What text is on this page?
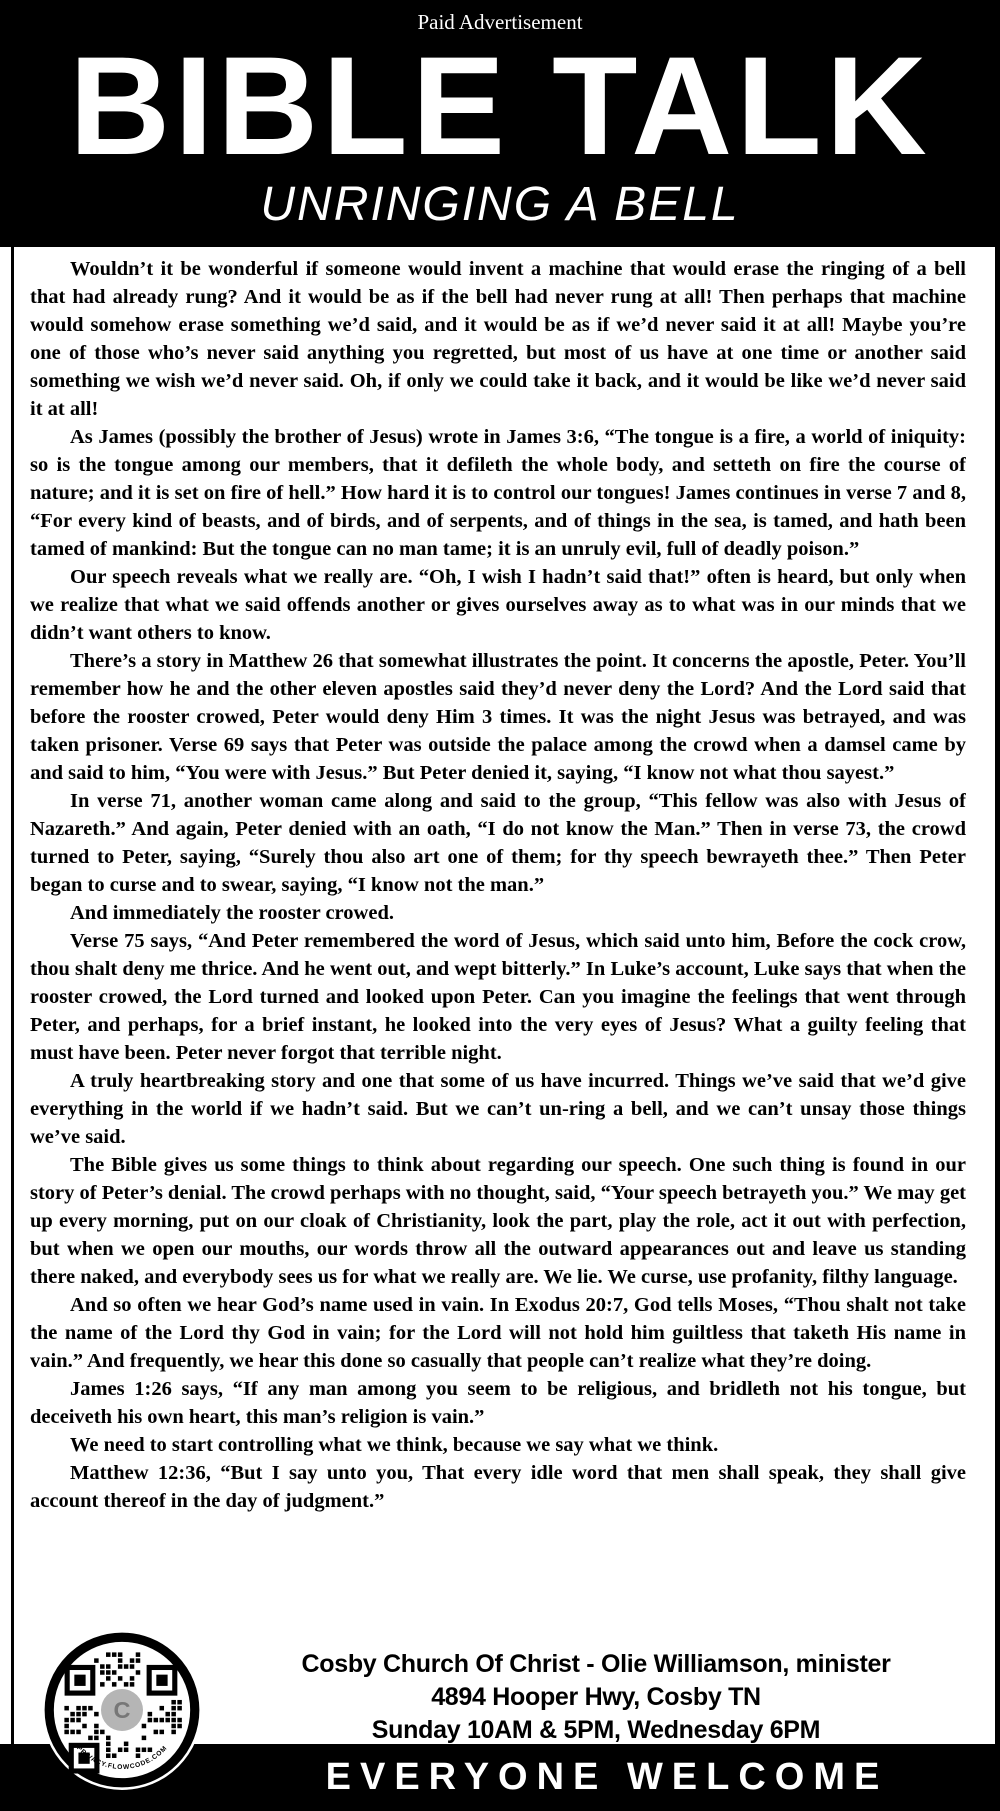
Paid Advertisement
BIBLE TALK
UNRINGING A BELL

Wouldn’t it be wonderful if someone would invent a machine that would erase the ringing of a bell that had already rung? And it would be as if the bell had never rung at all! Then perhaps that machine would somehow erase something we’d said, and it would be as if we’d never said it at all! Maybe you’re one of those who’s never said anything you regretted, but most of us have at one time or another said something we wish we’d never said. Oh, if only we could take it back, and it would be like we’d never said it at all!

As James (possibly the brother of Jesus) wrote in James 3:6, “The tongue is a fire, a world of iniquity: so is the tongue among our members, that it defileth the whole body, and setteth on fire the course of nature; and it is set on fire of hell.” How hard it is to control our tongues! James continues in verse 7 and 8, “For every kind of beasts, and of birds, and of serpents, and of things in the sea, is tamed, and hath been tamed of mankind: But the tongue can no man tame; it is an unruly evil, full of deadly poison.”

Our speech reveals what we really are. “Oh, I wish I hadn’t said that!” often is heard, but only when we realize that what we said offends another or gives ourselves away as to what was in our minds that we didn’t want others to know.

There’s a story in Matthew 26 that somewhat illustrates the point. It concerns the apostle, Peter. You’ll remember how he and the other eleven apostles said they’d never deny the Lord? And the Lord said that before the rooster crowed, Peter would deny Him 3 times. It was the night Jesus was betrayed, and was taken prisoner. Verse 69 says that Peter was outside the palace among the crowd when a damsel came by and said to him, “You were with Jesus.” But Peter denied it, saying, “I know not what thou sayest.”

In verse 71, another woman came along and said to the group, “This fellow was also with Jesus of Nazareth.” And again, Peter denied with an oath, “I do not know the Man.” Then in verse 73, the crowd turned to Peter, saying, “Surely thou also art one of them; for thy speech bewrayeth thee.” Then Peter began to curse and to swear, saying, “I know not the man.”

And immediately the rooster crowed.

Verse 75 says, “And Peter remembered the word of Jesus, which said unto him, Before the cock crow, thou shalt deny me thrice. And he went out, and wept bitterly.” In Luke’s account, Luke says that when the rooster crowed, the Lord turned and looked upon Peter. Can you imagine the feelings that went through Peter, and perhaps, for a brief instant, he looked into the very eyes of Jesus? What a guilty feeling that must have been. Peter never forgot that terrible night.

A truly heartbreaking story and one that some of us have incurred. Things we’ve said that we’d give everything in the world if we hadn’t said. But we can’t un-ring a bell, and we can’t unsay those things we’ve said.

The Bible gives us some things to think about regarding our speech. One such thing is found in our story of Peter’s denial. The crowd perhaps with no thought, said, “Your speech betrayeth you.” We may get up every morning, put on our cloak of Christianity, look the part, play the role, act it out with perfection, but when we open our mouths, our words throw all the outward appearances out and leave us standing there naked, and everybody sees us for what we really are. We lie. We curse, use profanity, filthy language.

And so often we hear God’s name used in vain. In Exodus 20:7, God tells Moses, “Thou shalt not take the name of the Lord thy God in vain; for the Lord will not hold him guiltless that taketh His name in vain.” And frequently, we hear this done so casually that people can’t realize what they’re doing.

James 1:26 says, “If any man among you seem to be religious, and bridleth not his tongue, but deceiveth his own heart, this man’s religion is vain.”

We need to start controlling what we think, because we say what we think.

Matthew 12:36, “But I say unto you, That every idle word that men shall speak, they shall give account thereof in the day of judgment.”

Cosby Church Of Christ - Olie Williamson, minister
4894 Hooper Hwy, Cosby TN
Sunday 10AM & 5PM, Wednesday 6PM
EVERYONE WELCOME
C
PRIVACY.FLOWCODE.COM
